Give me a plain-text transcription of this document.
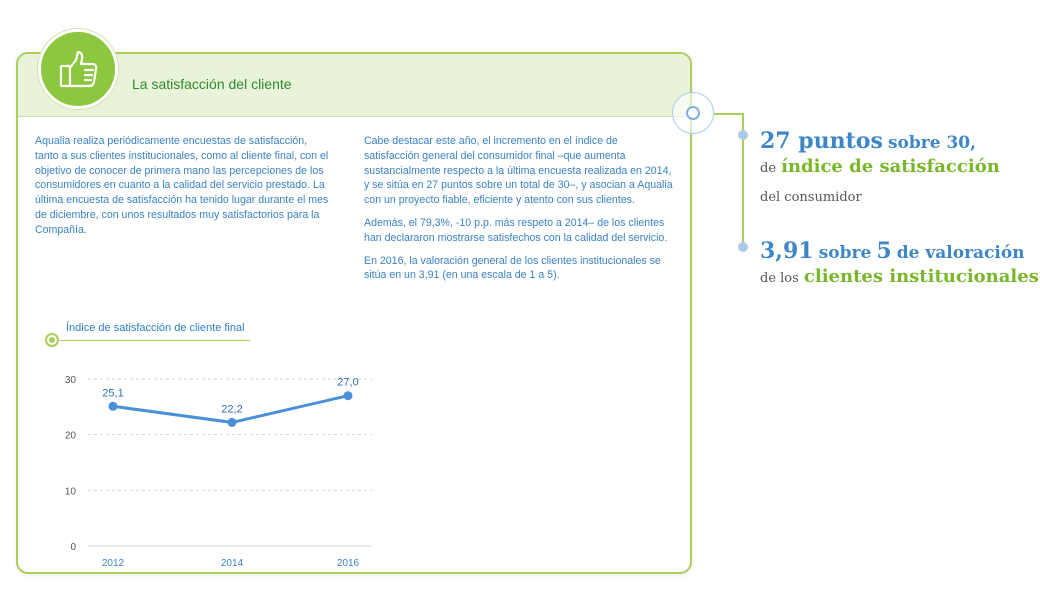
La satisfacción del cliente

Aqualia realiza periódicamente encuestas de satisfacción, tanto a sus clientes institucionales, como al cliente final, con el objetivo de conocer de primera mano las percepciones de los consumidores en cuanto a la calidad del servicio prestado. La última encuesta de satisfacción ha tenido lugar durante el mes de diciembre, con unos resultados muy satisfactorios para la Compañía.

Cabe destacar este año, el incremento en el índice de satisfacción general del consumidor final –que aumenta sustancialmente respecto a la última encuesta realizada en 2014, y se sitúa en 27 puntos sobre un total de 30–, y asocian a Aqualia con un proyecto fiable, eficiente y atento con sus clientes.

Además, el 79,3%, -10 p.p. más respeto a 2014– de los clientes han declararon mostrarse satisfechos con la calidad del servicio.

En 2016, la valoración general de los clientes institucionales se sitúa en un 3,91 (en una escala de 1 a 5).

Índice de satisfacción de cliente final
0
10
20
30
2012	2014	2016
25,1
22,2
27,0
27 puntos sobre 30,
de índice de satisfacción
del consumidor
3,91 sobre 5 de valoración
de los clientes institucionales
